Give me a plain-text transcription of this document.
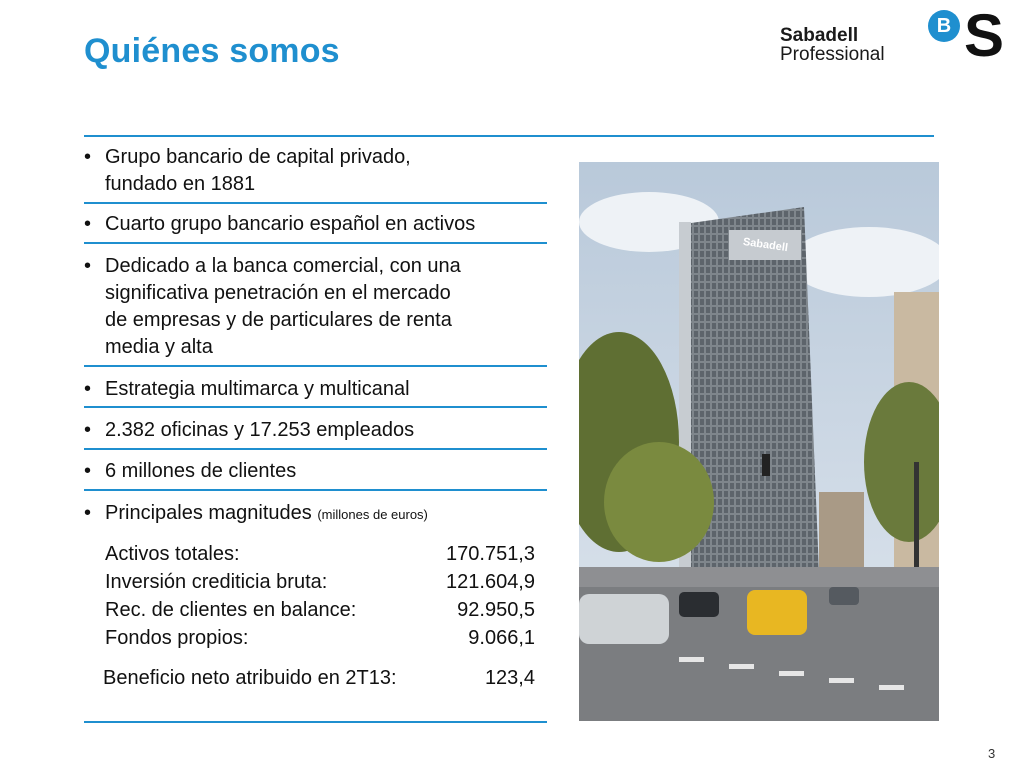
Quiénes somos	Sabadell
Professional
B S
• Grupo bancario de capital privado,
fundado en 1881
• Cuarto grupo bancario español en activos
• Dedicado a la banca comercial, con una
significativa penetración en el mercado
de empresas y de particulares de renta
media y alta
• Estrategia multimarca y multicanal
• 2.382 oficinas y 17.253 empleados
• 6 millones de clientes
• Principales magnitudes (millones de euros)
Activos totales:	170.751,3
Inversión crediticia bruta:	121.604,9
Rec. de clientes en balance:	92.950,5
Fondos propios:	9.066,1
Beneficio neto atribuido en 2T13:	123,4
Sabadell
3
